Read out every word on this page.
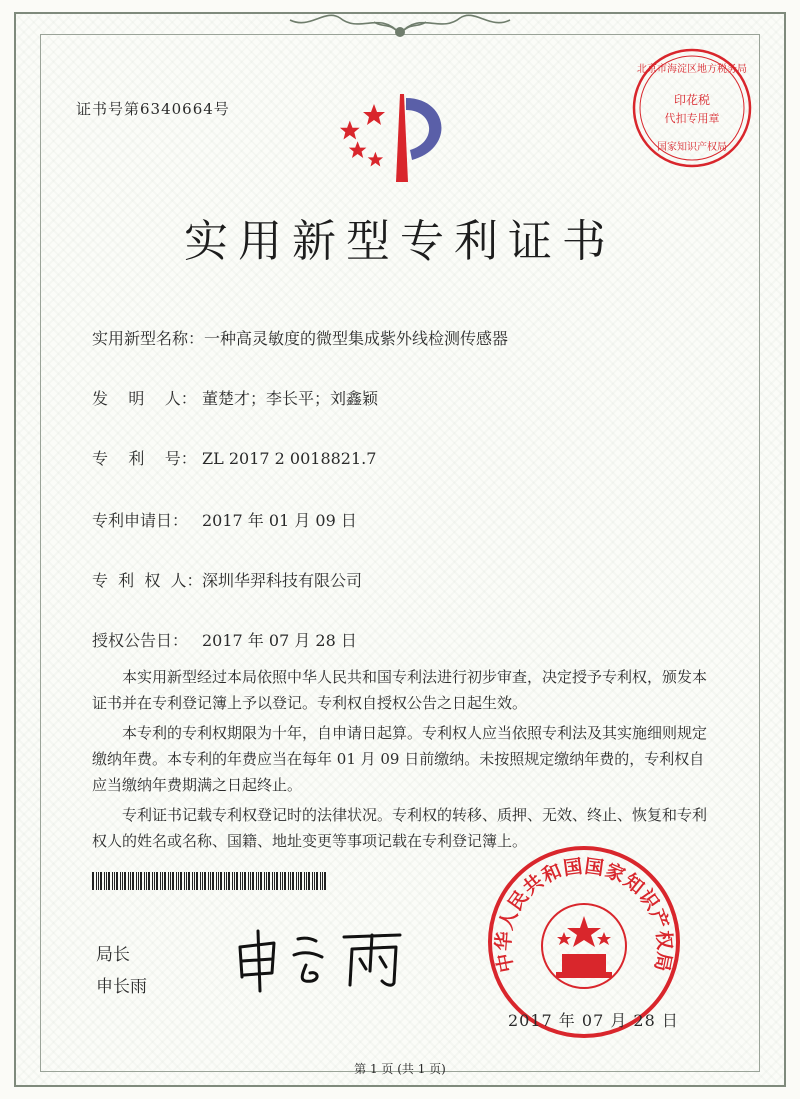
证书号第6340664号
北京市海淀区地方税务局
印花税
代扣专用章
国家知识产权局
实用新型专利证书
实用新型名称：一种高灵敏度的微型集成紫外线检测传感器
发    明    人： 董楚才；李长平；刘鑫颖
专    利    号： ZL 2017 2 0018821.7
专利申请日： 2017 年 01 月 09 日
专  利  权  人：深圳华羿科技有限公司
授权公告日： 2017 年 07 月 28 日

本实用新型经过本局依照中华人民共和国专利法进行初步审查，决定授予专利权，颁发本证书并在专利登记簿上予以登记。专利权自授权公告之日起生效。

本专利的专利权期限为十年，自申请日起算。专利权人应当依照专利法及其实施细则规定缴纳年费。本专利的年费应当在每年 01 月 09 日前缴纳。未按照规定缴纳年费的，专利权自应当缴纳年费期满之日起终止。

专利证书记载专利权登记时的法律状况。专利权的转移、质押、无效、终止、恢复和专利权人的姓名或名称、国籍、地址变更等事项记载在专利登记簿上。

局长
申长雨
中华人民共和国国家知识产权局
2017 年 07 月 28 日
第 1 页 (共 1 页)
